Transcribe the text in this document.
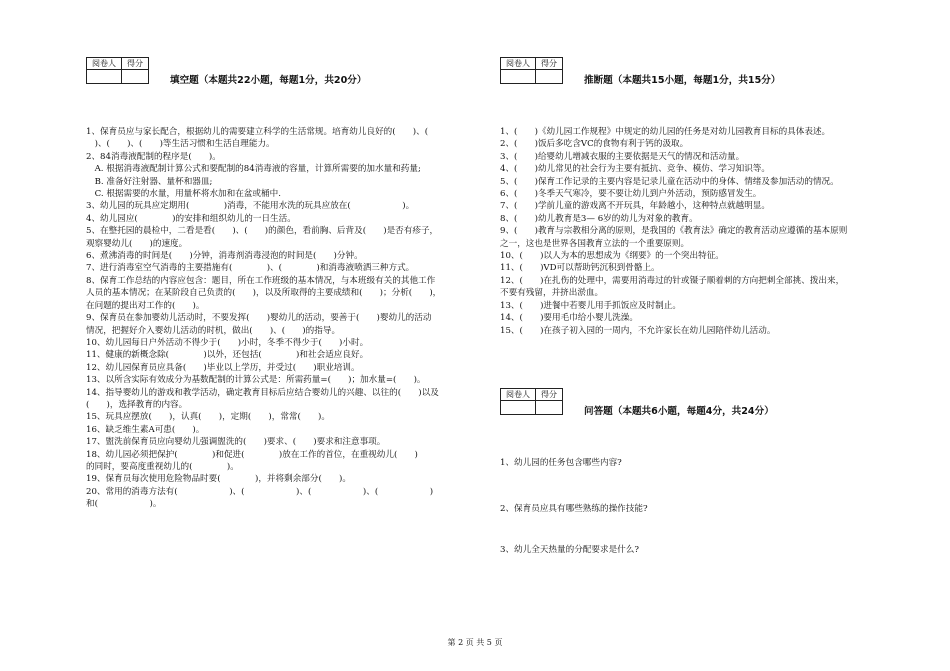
阅卷人	得分

填空题（本题共22小题，每题1分，共20分）
1、保育员应与家长配合，根据幼儿的需要建立科学的生活常规。培育幼儿良好的(　　)、(　　
　)、(　　)、(　　)等生活习惯和生活自理能力。
2、84消毒液配制的程序是(　　)。
　A. 根据消毒液配制计算公式和要配制的84消毒液的容量，计算所需要的加水量和药量;
　B. 准备好注射器、量杯和器皿;
　C. 根据需要的水量，用量杯将水加和在盆或桶中.
3、幼儿园的玩具应定期用(　　　　)消毒，不能用水洗的玩具应放在(　　　　　　)。
4、幼儿园应(　　　　)的安排和组织幼儿的一日生活。
5、在整托园的晨检中，二看是看(　　)、(　　)的颜色，看前胸、后背及(　　)是否有疹子，
观察婴幼儿(　　)的速度。
6、煮沸消毒的时间是(　　)分钟，消毒剂消毒浸泡的时间是(　　)分钟。
7、进行消毒室空气消毒的主要措施有(　　　　)、(　　　　)和消毒液喷洒三种方式。
8、保育工作总结的内容应包含：题目，所在工作班级的基本情况，与本班级有关的其他工作
人员的基本情况；在某阶段自己负责的(　　)，以及所取得的主要成绩和(　　)；分析(　　)，
在问题的提出对工作的(　　)。
9、保育员在参加婴幼儿活动时，不要发挥(　　)婴幼儿的活动，要善于(　　)婴幼儿的活动
情况，把握好介入婴幼儿活动的时机，做出(　　)、(　　)的指导。
10、幼儿园每日户外活动不得少于(　　)小时，冬季不得少于(　　)小时。
11、健康的新概念除(　　　　)以外，还包括(　　　　)和社会适应良好。
12、幼儿园保育员应具备(　　)毕业以上学历，并受过(　　)职业培训。
13、以所含实际有效成分为基数配制的计算公式是：所需药量=(　　)；加水量=(　　)。
14、指导婴幼儿的游戏和教学活动，确定教育目标后应结合婴幼儿的兴趣、以往的(　　)以及
(　　)，选择教育的内容。
15、玩具应摆放(　　)，认真(　　)，定期(　　)，常常(　　)。
16、缺乏维生素A可患(　　)。
17、盥洗前保育员应向婴幼儿强调盥洗的(　　)要求、(　　)要求和注意事项。
18、幼儿园必须把保护(　　　　)和促进(　　　　)放在工作的首位，在重视幼儿(　　)
的同时，要高度重视幼儿的(　　　　)。
19、保育员每次使用危险物品时要(　　　　)，并将剩余部分(　　)。
20、常用的消毒方法有(　　　　　　)、(　　　　　　)、(　　　　　　)、(　　　　　　)
和(　　　　　　)。
阅卷人	得分

推断题（本题共15小题，每题1分，共15分）
1、(　　)《幼儿园工作规程》中规定的幼儿园的任务是对幼儿园教育目标的具体表述。
2、(　　)饭后多吃含VC的食物有利于钙的汲取。
3、(　　)给婴幼儿增减衣服的主要依据是天气的情况和活动量。
4、(　　)幼儿常见的社会行为主要有抵抗、竞争、模仿、学习知识等。
5、(　　)保育工作记录的主要内容是记录儿童在活动中的身体、情绪及参加活动的情况。
6、(　　)冬季天气寒冷，要不要让幼儿到户外活动，预防感冒发生。
7、(　　)学前儿童的游戏离不开玩具，年龄越小，这种特点就越明显。
8、(　　)幼儿教育是3— 6岁的幼儿为对象的教育。
9、(　　)教育与宗教相分离的原则，是我国的《教育法》确定的教育活动应遵循的基本原则
之一，这也是世界各国教育立法的一个重要原则。
10、(　　)以人为本的思想成为《纲要》的一个突出特征。
11、(　　)VD可以帮助钙沉积到骨骼上。
12、(　　)在扎伤的处理中，需要用消毒过的针或镊子顺着刺的方向把刺全部挑、拨出来，
不要有残留，并挤出淤血。
13、(　　)进餐中若婴儿用手抓饭应及时制止。
14、(　　)要用毛巾给小婴儿洗澡。
15、(　　)在孩子初入园的一周内，不允许家长在幼儿园陪伴幼儿活动。
阅卷人	得分

问答题（本题共6小题，每题4分，共24分）
1、幼儿园的任务包含哪些内容?
2、保育员应具有哪些熟练的操作技能?
3、幼儿全天热量的分配要求是什么?
第 2 页 共 5 页
